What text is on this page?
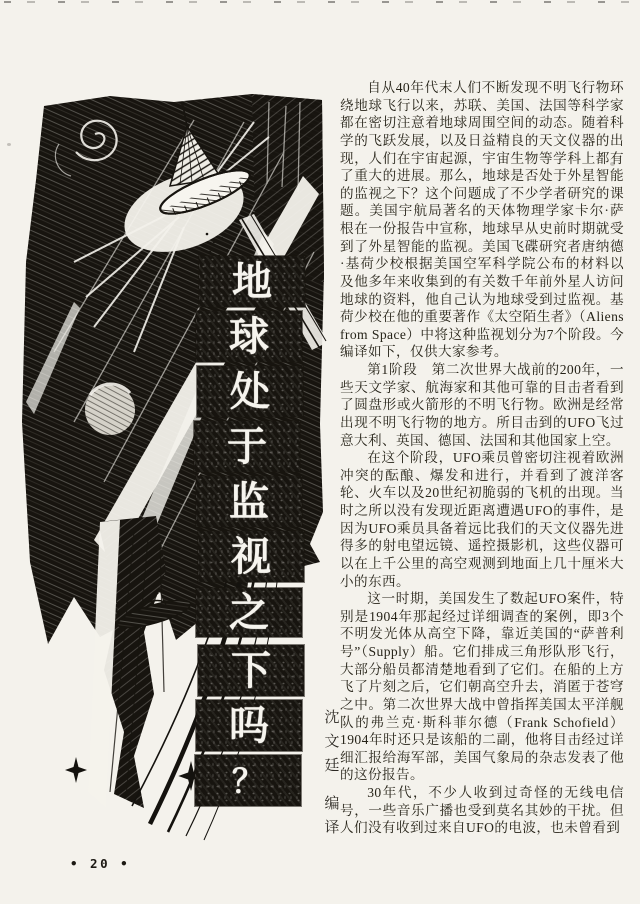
地
球
处
于
监
视
之
下
吗
？
沈
文
廷
编
译

自从40年代末人们不断发现不明飞行物环绕地球飞行以来，苏联、美国、法国等科学家都在密切注意着地球周围空间的动态。随着科学的飞跃发展，以及日益精良的天文仪器的出现，人们在宇宙起源，宇宙生物等学科上都有了重大的进展。那么，地球是否处于外星智能的监视之下？这个问题成了不少学者研究的课题。美国宇航局著名的天体物理学家卡尔·萨根在一份报告中宣称，地球早从史前时期就受到了外星智能的监视。美国飞碟研究者唐纳德·基荷少校根据美国空军科学院公布的材料以及他多年来收集到的有关数千年前外星人访问地球的资料，他自己认为地球受到过监视。基荷少校在他的重要著作《太空陌生者》（Aliens from Space）中将这种监视划分为7个阶段。今编译如下，仅供大家参考。

第1阶段　第二次世界大战前的200年，一些天文学家、航海家和其他可靠的目击者看到了圆盘形或火箭形的不明飞行物。欧洲是经常出现不明飞行物的地方。所目击到的UFO飞过意大利、英国、德国、法国和其他国家上空。

在这个阶段，UFO乘员曾密切注视着欧洲冲突的酝酿、爆发和进行，并看到了渡洋客轮、火车以及20世纪初脆弱的飞机的出现。当时之所以没有发现近距离遭遇UFO的事件，是因为UFO乘员具备着远比我们的天文仪器先进得多的射电望远镜、遥控摄影机，这些仪器可以在上千公里的高空观测到地面上几十厘米大小的东西。

这一时期，美国发生了数起UFO案件，特别是1904年那起经过详细调查的案例，即3个不明发光体从高空下降，靠近美国的“萨普利号”（Supply）船。它们排成三角形队形飞行，大部分船员都清楚地看到了它们。在船的上方飞了片刻之后，它们朝高空升去，消匿于苍穹之中。第二次世界大战中曾指挥美国太平洋舰队的弗兰克·斯科菲尔德（Frank Schofield）1904年时还只是该船的二副，他将目击经过详细汇报给海军部，美国气象局的杂志发表了他的这份报告。

30年代，不少人收到过奇怪的无线电信号，一些音乐广播也受到莫名其妙的干扰。但人们没有收到过来自UFO的电波，也未曾看到

• 20 •
